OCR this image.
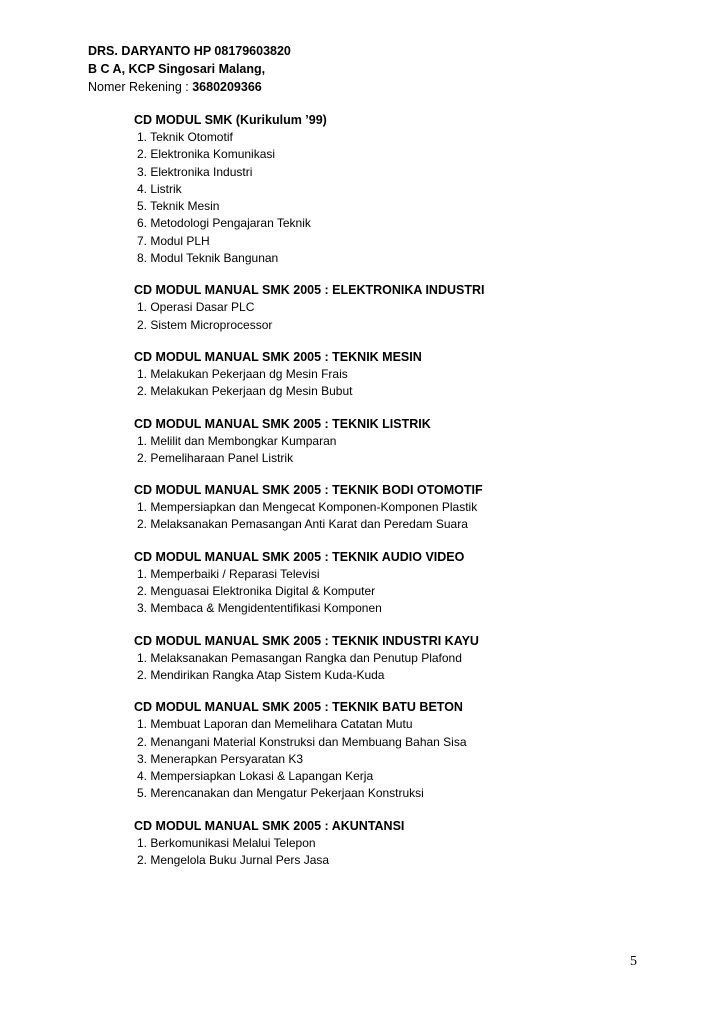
DRS. DARYANTO HP 08179603820
B C A, KCP Singosari Malang,
Nomer Rekening : 3680209366
CD MODUL SMK (Kurikulum ’99)
1. Teknik Otomotif
2. Elektronika Komunikasi
3. Elektronika Industri
4. Listrik
5. Teknik Mesin
6. Metodologi Pengajaran Teknik
7. Modul PLH
8. Modul Teknik Bangunan
CD MODUL MANUAL SMK 2005 : ELEKTRONIKA INDUSTRI
1. Operasi Dasar PLC
2. Sistem Microprocessor
CD MODUL MANUAL SMK 2005 : TEKNIK MESIN
1. Melakukan Pekerjaan dg Mesin Frais
2. Melakukan Pekerjaan dg Mesin Bubut
CD MODUL MANUAL SMK 2005 : TEKNIK LISTRIK
1. Melilit dan Membongkar Kumparan
2. Pemeliharaan Panel Listrik
CD MODUL MANUAL SMK 2005 : TEKNIK BODI OTOMOTIF
1. Mempersiapkan dan Mengecat Komponen-Komponen Plastik
2. Melaksanakan Pemasangan Anti Karat dan Peredam Suara
CD MODUL MANUAL SMK 2005 : TEKNIK AUDIO VIDEO
1. Memperbaiki / Reparasi Televisi
2. Menguasai Elektronika Digital & Komputer
3. Membaca & Mengidententifikasi Komponen
CD MODUL MANUAL SMK 2005 : TEKNIK INDUSTRI KAYU
1. Melaksanakan Pemasangan Rangka dan Penutup Plafond
2. Mendirikan Rangka Atap Sistem Kuda-Kuda
CD MODUL MANUAL SMK 2005 : TEKNIK BATU BETON
1. Membuat Laporan dan Memelihara Catatan Mutu
2. Menangani Material Konstruksi dan Membuang Bahan Sisa
3. Menerapkan Persyaratan K3
4. Mempersiapkan Lokasi & Lapangan Kerja
5. Merencanakan dan Mengatur Pekerjaan Konstruksi
CD MODUL MANUAL SMK 2005 : AKUNTANSI
1. Berkomunikasi Melalui Telepon
2. Mengelola Buku Jurnal Pers Jasa
5
